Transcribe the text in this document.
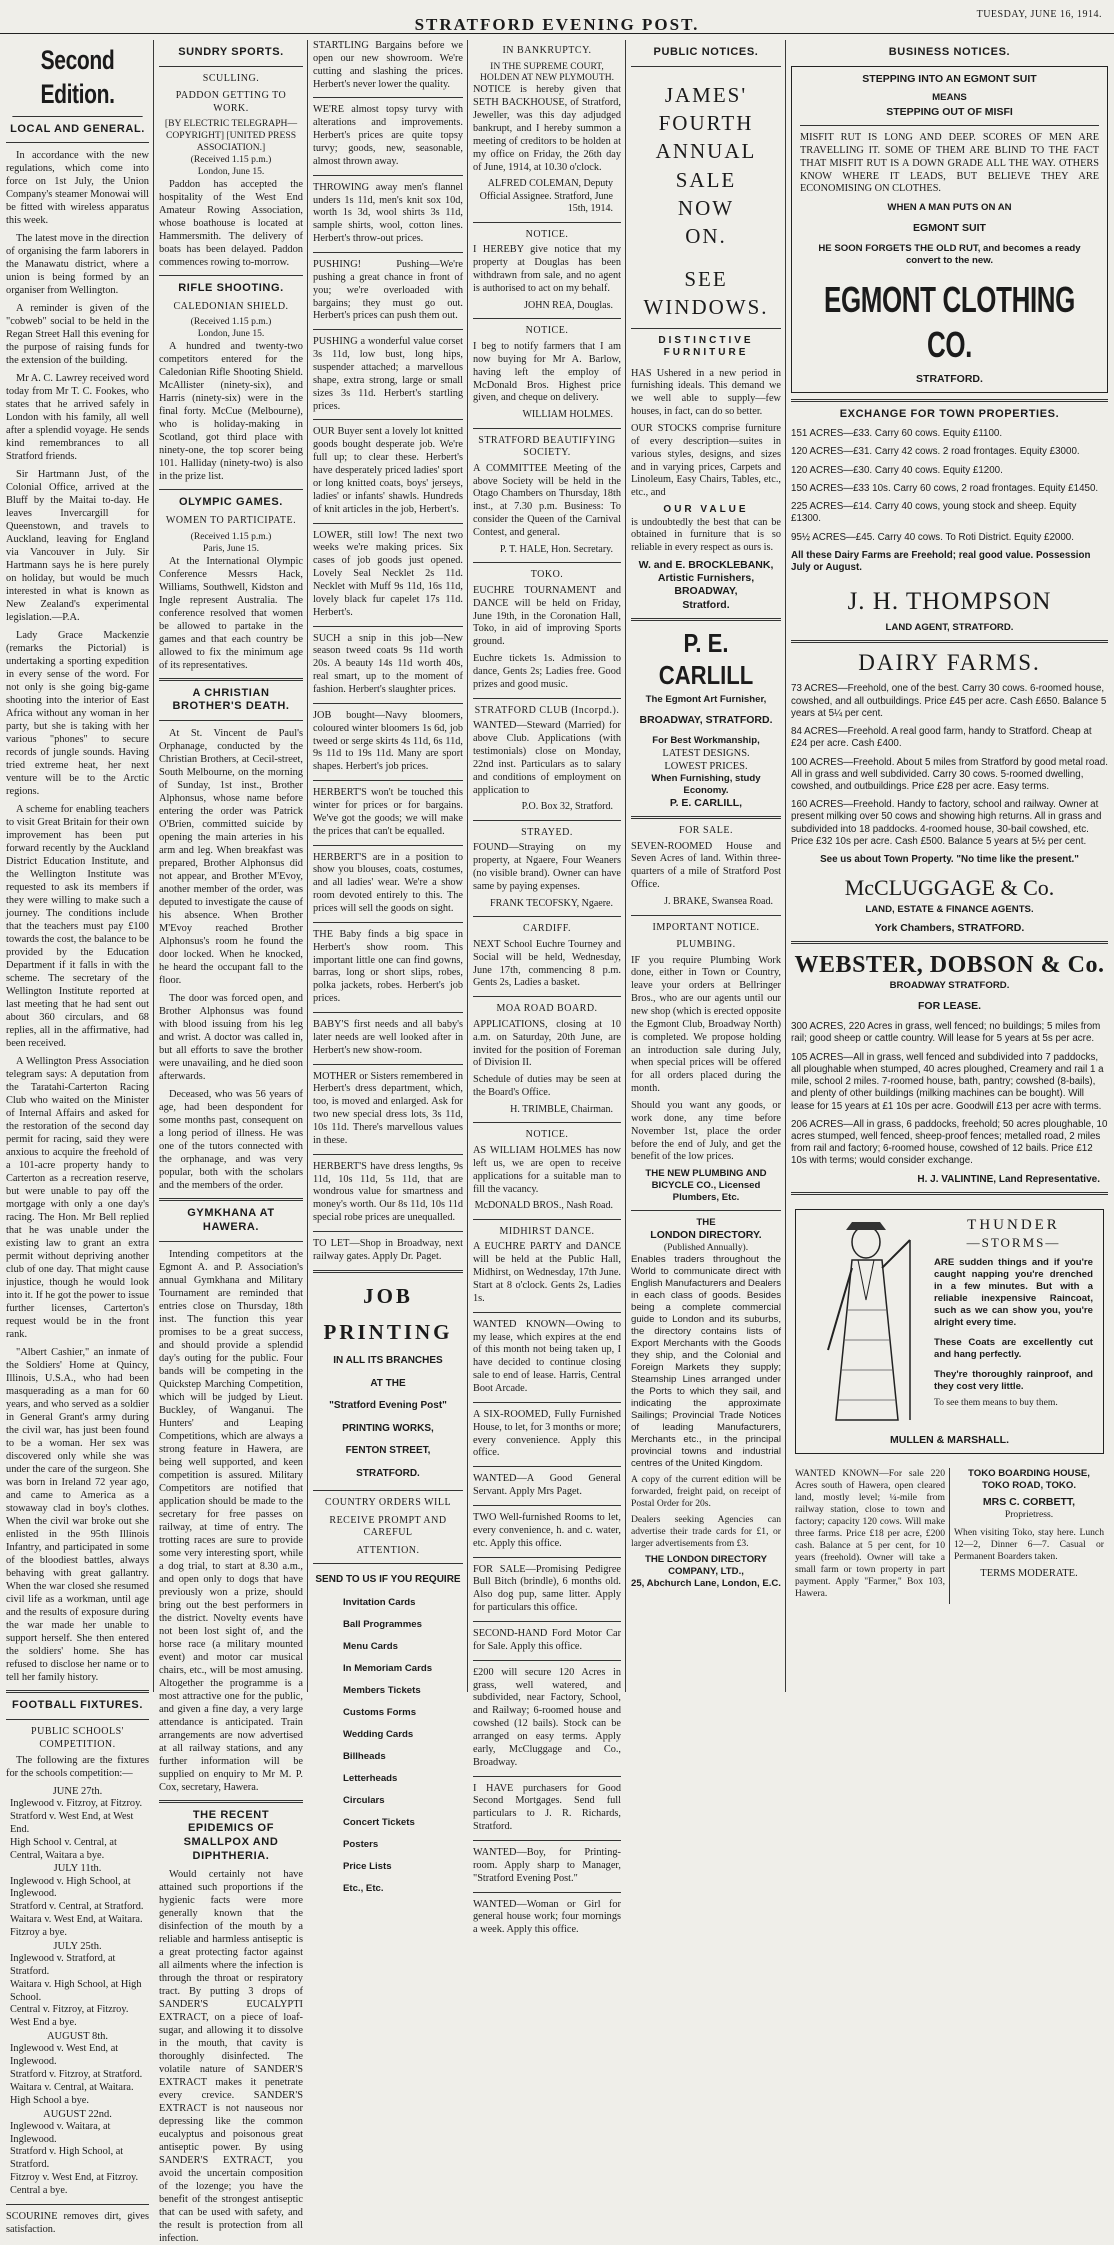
STRATFORD EVENING POST.
TUESDAY, JUNE 16, 1914.
Second Edition.
LOCAL AND GENERAL.

In accordance with the new regulations, which come into force on 1st July, the Union Company's steamer Monowai will be fitted with wireless apparatus this week.

The latest move in the direction of organising the farm laborers in the Manawatu district, where a union is being formed by an organiser from Wellington.

A reminder is given of the "cobweb" social to be held in the Regan Street Hall this evening for the purpose of raising funds for the extension of the building.

Mr A. C. Lawrey received word today from Mr T. C. Fookes, who states that he arrived safely in London with his family, all well after a splendid voyage. He sends kind remembrances to all Stratford friends.

Sir Hartmann Just, of the Colonial Office, arrived at the Bluff by the Maitai to-day. He leaves Invercargill for Queenstown, and travels to Auckland, leaving for England via Vancouver in July. Sir Hartmann says he is here purely on holiday, but would be much interested in what is known as New Zealand's experimental legislation.—P.A.

Lady Grace Mackenzie (remarks the Pictorial) is undertaking a sporting expedition in every sense of the word. For not only is she going big-game shooting into the interior of East Africa without any woman in her party, but she is taking with her various "phones" to secure records of jungle sounds. Having tried extreme heat, her next venture will be to the Arctic regions.

A scheme for enabling teachers to visit Great Britain for their own improvement has been put forward recently by the Auckland District Education Institute, and the Wellington Institute was requested to ask its members if they were willing to make such a journey. The conditions include that the teachers must pay £100 towards the cost, the balance to be provided by the Education Department if it falls in with the scheme. The secretary of the Wellington Institute reported at last meeting that he had sent out about 360 circulars, and 68 replies, all in the affirmative, had been received.

A Wellington Press Association telegram says: A deputation from the Taratahi-Carterton Racing Club who waited on the Minister of Internal Affairs and asked for the restoration of the second day permit for racing, said they were anxious to acquire the freehold of a 101-acre property handy to Carterton as a recreation reserve, but were unable to pay off the mortgage with only a one day's racing. The Hon. Mr Bell replied that he was unable under the existing law to grant an extra permit without depriving another club of one day. That might cause injustice, though he would look into it. If he got the power to issue further licenses, Carterton's request would be in the front rank.

"Albert Cashier," an inmate of the Soldiers' Home at Quincy, Illinois, U.S.A., who had been masquerading as a man for 60 years, and who served as a soldier in General Grant's army during the civil war, has just been found to be a woman. Her sex was discovered only while she was under the care of the surgeon. She was born in Ireland 72 year ago, and came to America as a stowaway clad in boy's clothes. When the civil war broke out she enlisted in the 95th Illinois Infantry, and participated in some of the bloodiest battles, always behaving with great gallantry. When the war closed she resumed civil life as a workman, until age and the results of exposure during the war made her unable to support herself. She then entered the soldiers' home. She has refused to disclose her name or to tell her family history.

FOOTBALL FIXTURES.
PUBLIC SCHOOLS' COMPETITION.

The following are the fixtures for the schools competition:—

JUNE 27th.
Inglewood v. Fitzroy, at Fitzroy.
Stratford v. West End, at West End.
High School v. Central, at Central, Waitara a bye.
JULY 11th.
Inglewood v. High School, at Inglewood.
Stratford v. Central, at Stratford.
Waitara v. West End, at Waitara. Fitzroy a bye.
JULY 25th.
Inglewood v. Stratford, at Stratford.
Waitara v. High School, at High School.
Central v. Fitzroy, at Fitzroy. West End a bye.
AUGUST 8th.
Inglewood v. West End, at Inglewood.
Stratford v. Fitzroy, at Stratford.
Waitara v. Central, at Waitara. High School a bye.
AUGUST 22nd.
Inglewood v. Waitara, at Inglewood.
Stratford v. High School, at Stratford.
Fitzroy v. West End, at Fitzroy. Central a bye.

SCOURINE removes dirt, gives satisfaction.

SUNDRY SPORTS.
SCULLING.
PADDON GETTING TO WORK.
[BY ELECTRIC TELEGRAPH—COPYRIGHT] [UNITED PRESS ASSOCIATION.]
(Received 1.15 p.m.)
London, June 15.

Paddon has accepted the hospitality of the West End Amateur Rowing Association, whose boathouse is located at Hammersmith. The delivery of boats has been delayed. Paddon commences rowing to-morrow.

RIFLE SHOOTING.
CALEDONIAN SHIELD.
(Received 1.15 p.m.)
London, June 15.

A hundred and twenty-two competitors entered for the Caledonian Rifle Shooting Shield. McAllister (ninety-six), and Harris (ninety-six) were in the final forty. McCue (Melbourne), who is holiday-making in Scotland, got third place with ninety-one, the top scorer being 101. Halliday (ninety-two) is also in the prize list.

OLYMPIC GAMES.
WOMEN TO PARTICIPATE.
(Received 1.15 p.m.)
Paris, June 15.

At the International Olympic Conference Messrs Hack, Williams, Southwell, Kidston and Ingle represent Australia. The conference resolved that women be allowed to partake in the games and that each country be allowed to fix the minimum age of its representatives.

A CHRISTIAN BROTHER'S DEATH.

At St. Vincent de Paul's Orphanage, conducted by the Christian Brothers, at Cecil-street, South Melbourne, on the morning of Sunday, 1st inst., Brother Alphonsus, whose name before entering the order was Patrick O'Brien, committed suicide by opening the main arteries in his arm and leg. When breakfast was prepared, Brother Alphonsus did not appear, and Brother M'Evoy, another member of the order, was deputed to investigate the cause of his absence. When Brother M'Evoy reached Brother Alphonsus's room he found the door locked. When he knocked, he heard the occupant fall to the floor.

The door was forced open, and Brother Alphonsus was found with blood issuing from his leg and wrist. A doctor was called in, but all efforts to save the brother were unavailing, and he died soon afterwards.

Deceased, who was 56 years of age, had been despondent for some months past, consequent on a long period of illness. He was one of the tutors connected with the orphanage, and was very popular, both with the scholars and the members of the order.

GYMKHANA AT HAWERA.

Intending competitors at the Egmont A. and P. Association's annual Gymkhana and Military Tournament are reminded that entries close on Thursday, 18th inst. The function this year promises to be a great success, and should provide a splendid day's outing for the public. Four bands will be competing in the Quickstep Marching Competition, which will be judged by Lieut. Buckley, of Wanganui. The Hunters' and Leaping Competitions, which are always a strong feature in Hawera, are being well supported, and keen competition is assured. Military Competitors are notified that application should be made to the secretary for free passes on railway, at time of entry. The trotting races are sure to provide some very interesting sport, while a dog trial, to start at 8.30 a.m., and open only to dogs that have previously won a prize, should bring out the best performers in the district. Novelty events have not been lost sight of, and the horse race (a military mounted event) and motor car musical chairs, etc., will be most amusing. Altogether the programme is a most attractive one for the public, and given a fine day, a very large attendance is anticipated. Train arrangements are now advertised at all railway stations, and any further information will be supplied on enquiry to Mr M. P. Cox, secretary, Hawera.

THE RECENT EPIDEMICS OF SMALLPOX AND DIPHTHERIA.

Would certainly not have attained such proportions if the hygienic facts were more generally known that the disinfection of the mouth by a reliable and harmless antiseptic is a great protecting factor against all ailments where the infection is through the throat or respiratory tract. By putting 3 drops of SANDER'S EUCALYPTI EXTRACT, on a piece of loaf-sugar, and allowing it to dissolve in the mouth, that cavity is thoroughly disinfected. The volatile nature of SANDER'S EXTRACT makes it penetrate every crevice. SANDER'S EXTRACT is not nauseous nor depressing like the common eucalyptus and poisonous great antiseptic power. By using SANDER'S EXTRACT, you avoid the uncertain composition of the lozenge; you have the benefit of the strongest antiseptic that can be used with safety, and the result is protection from all infection.

STARTLING Bargains before we open our new showroom. We're cutting and slashing the prices. Herbert's never lower the quality.

WE'RE almost topsy turvy with alterations and improvements. Herbert's prices are quite topsy turvy; goods, new, seasonable, almost thrown away.

THROWING away men's flannel unders 1s 11d, men's knit sox 10d, worth 1s 3d, wool shirts 3s 11d, sample shirts, wool, cotton lines. Herbert's throw-out prices.

PUSHING! Pushing—We're pushing a great chance in front of you; we're overloaded with bargains; they must go out. Herbert's prices can push them out.

PUSHING a wonderful value corset 3s 11d, low bust, long hips, suspender attached; a marvellous shape, extra strong, large or small sizes 3s 11d. Herbert's startling prices.

OUR Buyer sent a lovely lot knitted goods bought desperate job. We're full up; to clear these. Herbert's have desperately priced ladies' sport or long knitted coats, boys' jerseys, ladies' or infants' shawls. Hundreds of knit articles in the job, Herbert's.

LOWER, still low! The next two weeks we're making prices. Six cases of job goods just opened. Lovely Seal Necklet 2s 11d. Necklet with Muff 9s 11d, 16s 11d, lovely black fur capelet 17s 11d. Herbert's.

SUCH a snip in this job—New season tweed coats 9s 11d worth 20s. A beauty 14s 11d worth 40s, real smart, up to the moment of fashion. Herbert's slaughter prices.

JOB bought—Navy bloomers, coloured winter bloomers 1s 6d, job tweed or serge skirts 4s 11d, 6s 11d, 9s 11d to 19s 11d. Many are sport shapes. Herbert's job prices.

HERBERT'S won't be touched this winter for prices or for bargains. We've got the goods; we will make the prices that can't be equalled.

HERBERT'S are in a position to show you blouses, coats, costumes, and all ladies' wear. We're a show room devoted entirely to this. The prices will sell the goods on sight.

THE Baby finds a big space in Herbert's show room. This important little one can find gowns, barras, long or short slips, robes, polka jackets, robes. Herbert's job prices.

BABY'S first needs and all baby's later needs are well looked after in Herbert's new show-room.

MOTHER or Sisters remembered in Herbert's dress department, which, too, is moved and enlarged. Ask for two new special dress lots, 3s 11d, 10s 11d. There's marvellous values in these.

HERBERT'S have dress lengths, 9s 11d, 10s 11d, 5s 11d, that are wondrous value for smartness and money's worth. Our 8s 11d, 10s 11d special robe prices are unequalled.

TO LET—Shop in Broadway, next railway gates. Apply Dr. Paget.

JOB
PRINTING
IN ALL ITS BRANCHES
AT THE
"Stratford Evening Post"
PRINTING WORKS,
FENTON STREET,
STRATFORD.
COUNTRY ORDERS WILL
RECEIVE PROMPT AND CAREFUL
ATTENTION.
SEND TO US IF YOU REQUIRE
Invitation Cards
Ball Programmes
Menu Cards
In Memoriam Cards
Members Tickets
Customs Forms
Wedding Cards
Billheads
Letterheads
Circulars
Concert Tickets
Posters
Price Lists
Etc., Etc.
IN BANKRUPTCY.
IN THE SUPREME COURT, HOLDEN AT NEW PLYMOUTH.

NOTICE is hereby given that SETH BACKHOUSE, of Stratford, Jeweller, was this day adjudged bankrupt, and I hereby summon a meeting of creditors to be holden at my office on Friday, the 26th day of June, 1914, at 10.30 o'clock.

ALFRED COLEMAN, Deputy Official Assignee. Stratford, June 15th, 1914.
NOTICE.

I HEREBY give notice that my property at Douglas has been withdrawn from sale, and no agent is authorised to act on my behalf.

JOHN REA, Douglas.
NOTICE.

I beg to notify farmers that I am now buying for Mr A. Barlow, having left the employ of McDonald Bros. Highest price given, and cheque on delivery.

WILLIAM HOLMES.
STRATFORD BEAUTIFYING SOCIETY.

A COMMITTEE Meeting of the above Society will be held in the Otago Chambers on Thursday, 18th inst., at 7.30 p.m. Business: To consider the Queen of the Carnival Contest, and general.

P. T. HALE, Hon. Secretary.
TOKO.

EUCHRE TOURNAMENT and DANCE will be held on Friday, June 19th, in the Coronation Hall, Toko, in aid of improving Sports ground.

Euchre tickets 1s. Admission to dance, Gents 2s; Ladies free. Good prizes and good music.

STRATFORD CLUB (Incorpd.).

WANTED—Steward (Married) for above Club. Applications (with testimonials) close on Monday, 22nd inst. Particulars as to salary and conditions of employment on application to

P.O. Box 32, Stratford.
STRAYED.

FOUND—Straying on my property, at Ngaere, Four Weaners (no visible brand). Owner can have same by paying expenses.

FRANK TECOFSKY, Ngaere.
CARDIFF.

NEXT School Euchre Tourney and Social will be held, Wednesday, June 17th, commencing 8 p.m. Gents 2s, Ladies a basket.

MOA ROAD BOARD.

APPLICATIONS, closing at 10 a.m. on Saturday, 20th June, are invited for the position of Foreman of Division II.

Schedule of duties may be seen at the Board's Office.

H. TRIMBLE, Chairman.
NOTICE.

AS WILLIAM HOLMES has now left us, we are open to receive applications for a suitable man to fill the vacancy.

McDONALD BROS., Nash Road.
MIDHIRST DANCE.

A EUCHRE PARTY and DANCE will be held at the Public Hall, Midhirst, on Wednesday, 17th June. Start at 8 o'clock. Gents 2s, Ladies 1s.

WANTED KNOWN—Owing to my lease, which expires at the end of this month not being taken up, I have decided to continue closing sale to end of lease. Harris, Central Boot Arcade.

A SIX-ROOMED, Fully Furnished House, to let, for 3 months or more; every convenience. Apply this office.

WANTED—A Good General Servant. Apply Mrs Paget.

TWO Well-furnished Rooms to let, every convenience, h. and c. water, etc. Apply this office.

FOR SALE—Promising Pedigree Bull Bitch (brindle), 6 months old. Also dog pup, same litter. Apply for particulars this office.

SECOND-HAND Ford Motor Car for Sale. Apply this office.

£200 will secure 120 Acres in grass, well watered, and subdivided, near Factory, School, and Railway; 6-roomed house and cowshed (12 bails). Stock can be arranged on easy terms. Apply early, McCluggage and Co., Broadway.

I HAVE purchasers for Good Second Mortgages. Send full particulars to J. R. Richards, Stratford.

WANTED—Boy, for Printing-room. Apply sharp to Manager, "Stratford Evening Post."

WANTED—Woman or Girl for general house work; four mornings a week. Apply this office.

PUBLIC NOTICES.
JAMES'
FOURTH
ANNUAL
SALE
NOW
ON.
SEE
WINDOWS.
DISTINCTIVE
FURNITURE

HAS Ushered in a new period in furnishing ideals. This demand we we well able to supply—few houses, in fact, can do so better.

OUR STOCKS comprise furniture of every description—suites in various styles, designs, and sizes and in varying prices, Carpets and Linoleum, Easy Chairs, Tables, etc., etc., and

OUR VALUE

is undoubtedly the best that can be obtained in furniture that is so reliable in every respect as ours is.

W. and E. BROCKLEBANK,
Artistic Furnishers,
BROADWAY,
Stratford.
P. E. CARLILL
The Egmont Art Furnisher,
BROADWAY, STRATFORD.
For Best Workmanship,
LATEST DESIGNS.
LOWEST PRICES.
When Furnishing, study Economy.
P. E. CARLILL,
FOR SALE.

SEVEN-ROOMED House and Seven Acres of land. Within three-quarters of a mile of Stratford Post Office.

J. BRAKE, Swansea Road.
IMPORTANT NOTICE.
PLUMBING.

IF you require Plumbing Work done, either in Town or Country, leave your orders at Bellringer Bros., who are our agents until our new shop (which is erected opposite the Egmont Club, Broadway North) is completed. We propose holding an introduction sale during July, when special prices will be offered for all orders placed during the month.

Should you want any goods, or work done, any time before November 1st, place the order before the end of July, and get the benefit of the low prices.

THE NEW PLUMBING AND BICYCLE CO., Licensed Plumbers, Etc.
THE
LONDON DIRECTORY.
(Published Annually).

Enables traders throughout the World to communicate direct with English Manufacturers and Dealers in each class of goods. Besides being a complete commercial guide to London and its suburbs, the directory contains lists of Export Merchants with the Goods they ship, and the Colonial and Foreign Markets they supply; Steamship Lines arranged under the Ports to which they sail, and indicating the approximate Sailings; Provincial Trade Notices of leading Manufacturers, Merchants etc., in the principal provincial towns and industrial centres of the United Kingdom.

A copy of the current edition will be forwarded, freight paid, on receipt of Postal Order for 20s.

Dealers seeking Agencies can advertise their trade cards for £1, or larger advertisements from £3.

THE LONDON DIRECTORY COMPANY, LTD.,
25, Abchurch Lane, London, E.C.
BUSINESS NOTICES.
STEPPING INTO AN EGMONT SUIT
MEANS
STEPPING OUT OF MISFI

MISFIT RUT IS LONG AND DEEP. SCORES OF MEN ARE TRAVELLING IT. SOME OF THEM ARE BLIND TO THE FACT THAT MISFIT RUT IS A DOWN GRADE ALL THE WAY. OTHERS KNOW WHERE IT LEADS, BUT BELIEVE THEY ARE ECONOMISING ON CLOTHES.

WHEN A MAN PUTS ON AN
EGMONT SUIT
HE SOON FORGETS THE OLD RUT, and becomes a ready convert to the new.
EGMONT CLOTHING CO.
STRATFORD.
EXCHANGE FOR TOWN PROPERTIES.
151 ACRES—£33. Carry 60 cows. Equity £1100.
120 ACRES—£31. Carry 42 cows. 2 road frontages. Equity £3000.
120 ACRES—£30. Carry 40 cows. Equity £1200.
150 ACRES—£33 10s. Carry 60 cows, 2 road frontages. Equity £1450.
225 ACRES—£14. Carry 40 cows, young stock and sheep. Equity £1300.
95½ ACRES—£45. Carry 40 cows. To Roti District. Equity £2000.
All these Dairy Farms are Freehold; real good value. Possession July or August.
J. H. THOMPSON
LAND AGENT, STRATFORD.
DAIRY FARMS.
73 ACRES—Freehold, one of the best. Carry 30 cows. 6-roomed house, cowshed, and all outbuildings. Price £45 per acre. Cash £650. Balance 5 years at 5¼ per cent.
84 ACRES—Freehold. A real good farm, handy to Stratford. Cheap at £24 per acre. Cash £400.
100 ACRES—Freehold. About 5 miles from Stratford by good metal road. All in grass and well subdivided. Carry 30 cows. 5-roomed dwelling, cowshed, and outbuildings. Price £28 per acre. Easy terms.
160 ACRES—Freehold. Handy to factory, school and railway. Owner at present milking over 50 cows and showing high returns. All in grass and subdivided into 18 paddocks. 4-roomed house, 30-bail cowshed, etc. Price £32 10s per acre. Cash £500. Balance 5 years at 5½ per cent.
See us about Town Property. "No time like the present."
McCLUGGAGE & Co.
LAND, ESTATE & FINANCE AGENTS.
York Chambers, STRATFORD.
WEBSTER, DOBSON & Co.
BROADWAY STRATFORD.
FOR LEASE.
300 ACRES, 220 Acres in grass, well fenced; no buildings; 5 miles from rail; good sheep or cattle country. Will lease for 5 years at 5s per acre.
105 ACRES—All in grass, well fenced and subdivided into 7 paddocks, all ploughable when stumped, 40 acres ploughed, Creamery and rail 1 a mile, school 2 miles. 7-roomed house, bath, pantry; cowshed (8-bails), and plenty of other buildings (milking machines can be bought). Will lease for 15 years at £1 10s per acre. Goodwill £13 per acre with terms.
206 ACRES—All in grass, 6 paddocks, freehold; 50 acres ploughable, 10 acres stumped, well fenced, sheep-proof fences; metalled road, 2 miles from rail and factory; 6-roomed house, cowshed of 12 bails. Price £12 10s with terms; would consider exchange.
H. J. VALINTINE, Land Representative.
THUNDER
—STORMS—

ARE sudden things and if you're caught napping you're drenched in a few minutes. But with a reliable inexpensive Raincoat, such as we can show you, you're alright every time.

These Coats are excellently cut and hang perfectly.

They're thoroughly rainproof, and they cost very little.

To see them means to buy them.

MULLEN & MARSHALL.

WANTED KNOWN—For sale 220 Acres south of Hawera, open cleared land, mostly level; ¼-mile from railway station, close to town and factory; capacity 120 cows. Will make three farms. Price £18 per acre, £200 cash. Balance at 5 per cent, for 10 years (freehold). Owner will take a small farm or town property in part payment. Apply "Farmer," Box 103, Hawera.

TOKO BOARDING HOUSE, TOKO ROAD, TOKO.
MRS C. CORBETT,
Proprietress.

When visiting Toko, stay here. Lunch 12—2, Dinner 6—7. Casual or Permanent Boarders taken.

TERMS MODERATE.
